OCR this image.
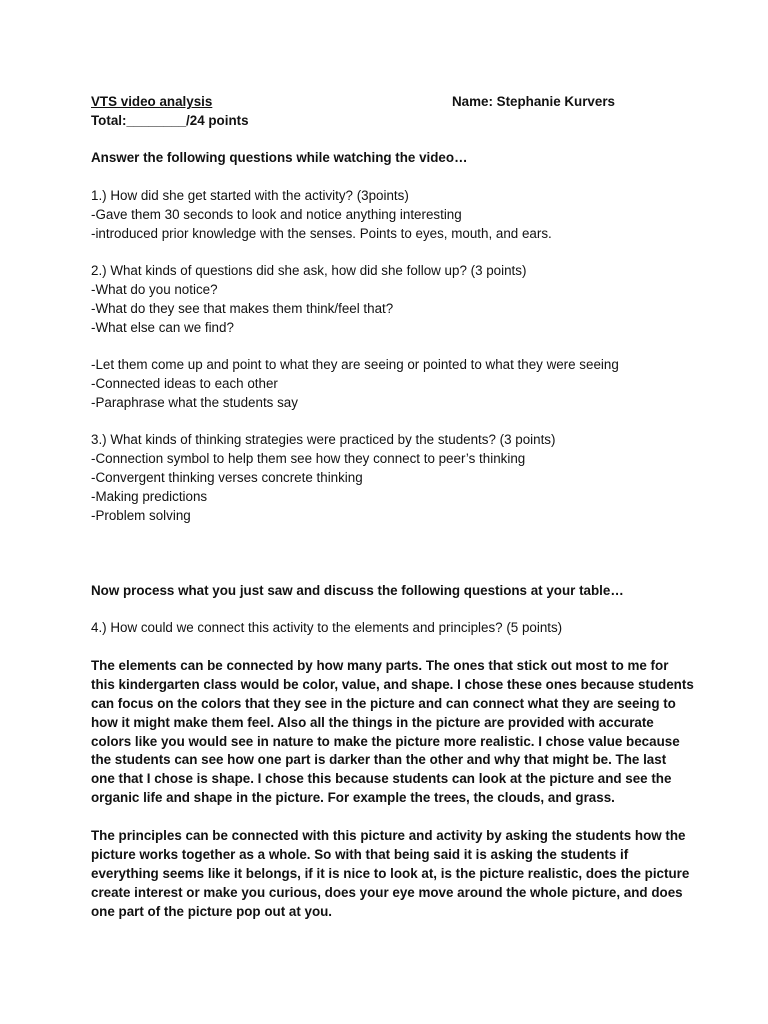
VTS video analysis	Name: Stephanie Kurvers
Total:________/24 points
Answer the following questions while watching the video…
1.) How did she get started with the activity? (3points)
-Gave them 30 seconds to look and notice anything interesting
-introduced prior knowledge with the senses. Points to eyes, mouth, and ears.
2.) What kinds of questions did she ask, how did she follow up? (3 points)
-What do you notice?
-What do they see that makes them think/feel that?
-What else can we find?
-Let them come up and point to what they are seeing or pointed to what they were seeing
-Connected ideas to each other
-Paraphrase what the students say
3.) What kinds of thinking strategies were practiced by the students? (3 points)
-Connection symbol to help them see how they connect to peer’s thinking
-Convergent thinking verses concrete thinking
-Making predictions
-Problem solving
Now process what you just saw and discuss the following questions at your table…
4.) How could we connect this activity to the elements and principles? (5 points)
The elements can be connected by how many parts. The ones that stick out most to me for
this kindergarten class would be color, value, and shape. I chose these ones because students
can focus on the colors that they see in the picture and can connect what they are seeing to
how it might make them feel. Also all the things in the picture are provided with accurate
colors like you would see in nature to make the picture more realistic. I chose value because
the students can see how one part is darker than the other and why that might be. The last
one that I chose is shape. I chose this because students can look at the picture and see the
organic life and shape in the picture. For example the trees, the clouds, and grass.
The principles can be connected with this picture and activity by asking the students how the
picture works together as a whole. So with that being said it is asking the students if
everything seems like it belongs, if it is nice to look at, is the picture realistic, does the picture
create interest or make you curious, does your eye move around the whole picture, and does
one part of the picture pop out at you.
